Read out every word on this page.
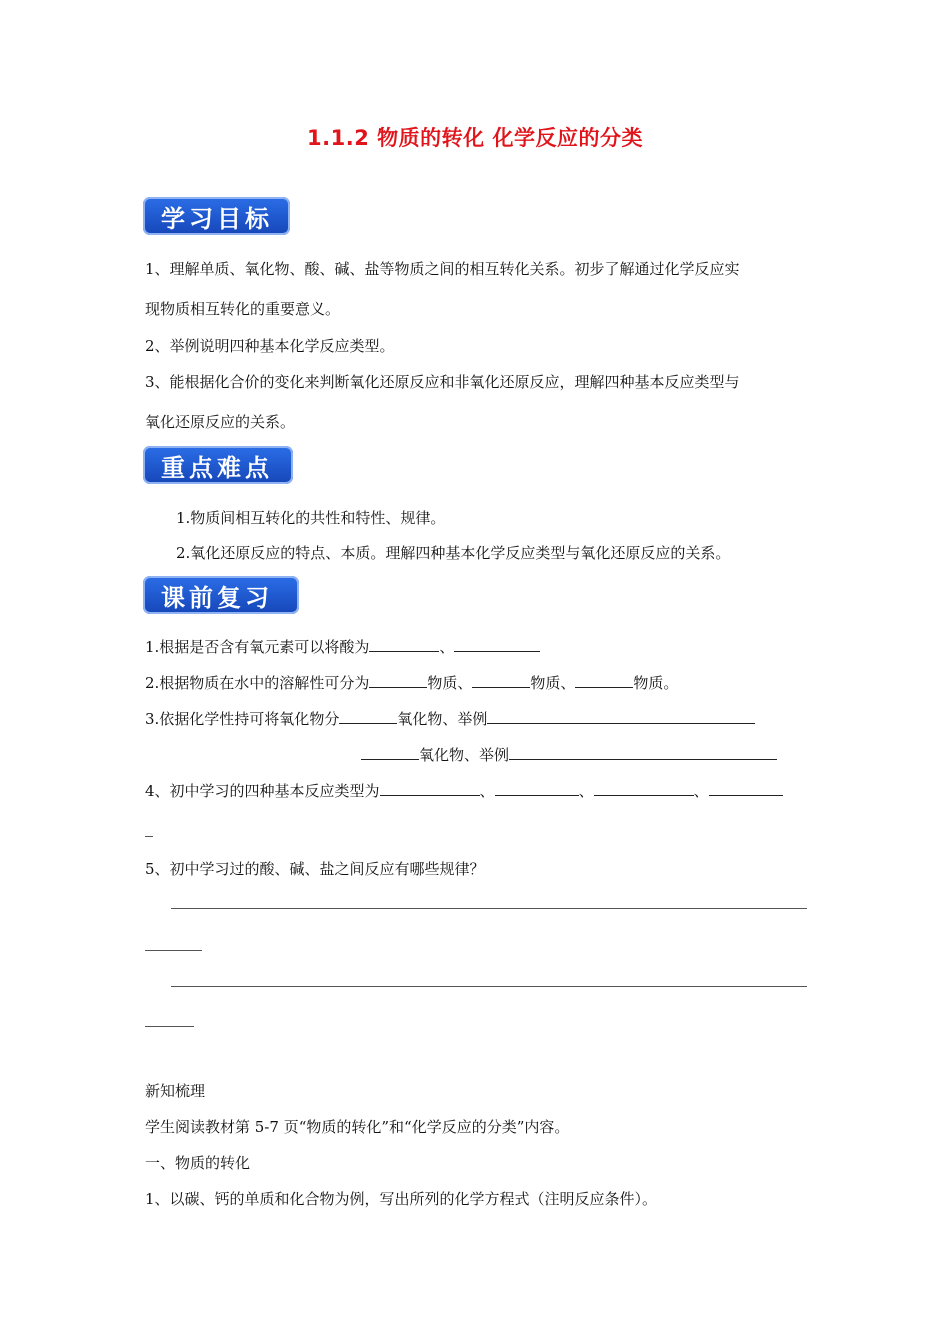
1.1.2 物质的转化 化学反应的分类
学习目标
1、理解单质、氧化物、酸、碱、盐等物质之间的相互转化关系。初步了解通过化学反应实
现物质相互转化的重要意义。
2、举例说明四种基本化学反应类型。
3、能根据化合价的变化来判断氧化还原反应和非氧化还原反应，理解四种基本反应类型与
氧化还原反应的关系。
重点难点
1.物质间相互转化的共性和特性、规律。
2.氧化还原反应的特点、本质。理解四种基本化学反应类型与氧化还原反应的关系。
课前复习
1.根据是否含有氧元素可以将酸为	、
2.根据物质在水中的溶解性可分为	物质、	物质、	物质。
3.依据化学性持可将氧化物分	氧化物、举例
氧化物、举例
4、初中学习的四种基本反应类型为	、	、	、
5、初中学习过的酸、碱、盐之间反应有哪些规律？
新知梳理
学生阅读教材第 5-7 页“物质的转化”和“化学反应的分类”内容。
一、物质的转化
1、以碳、钙的单质和化合物为例，写出所列的化学方程式（注明反应条件）。
